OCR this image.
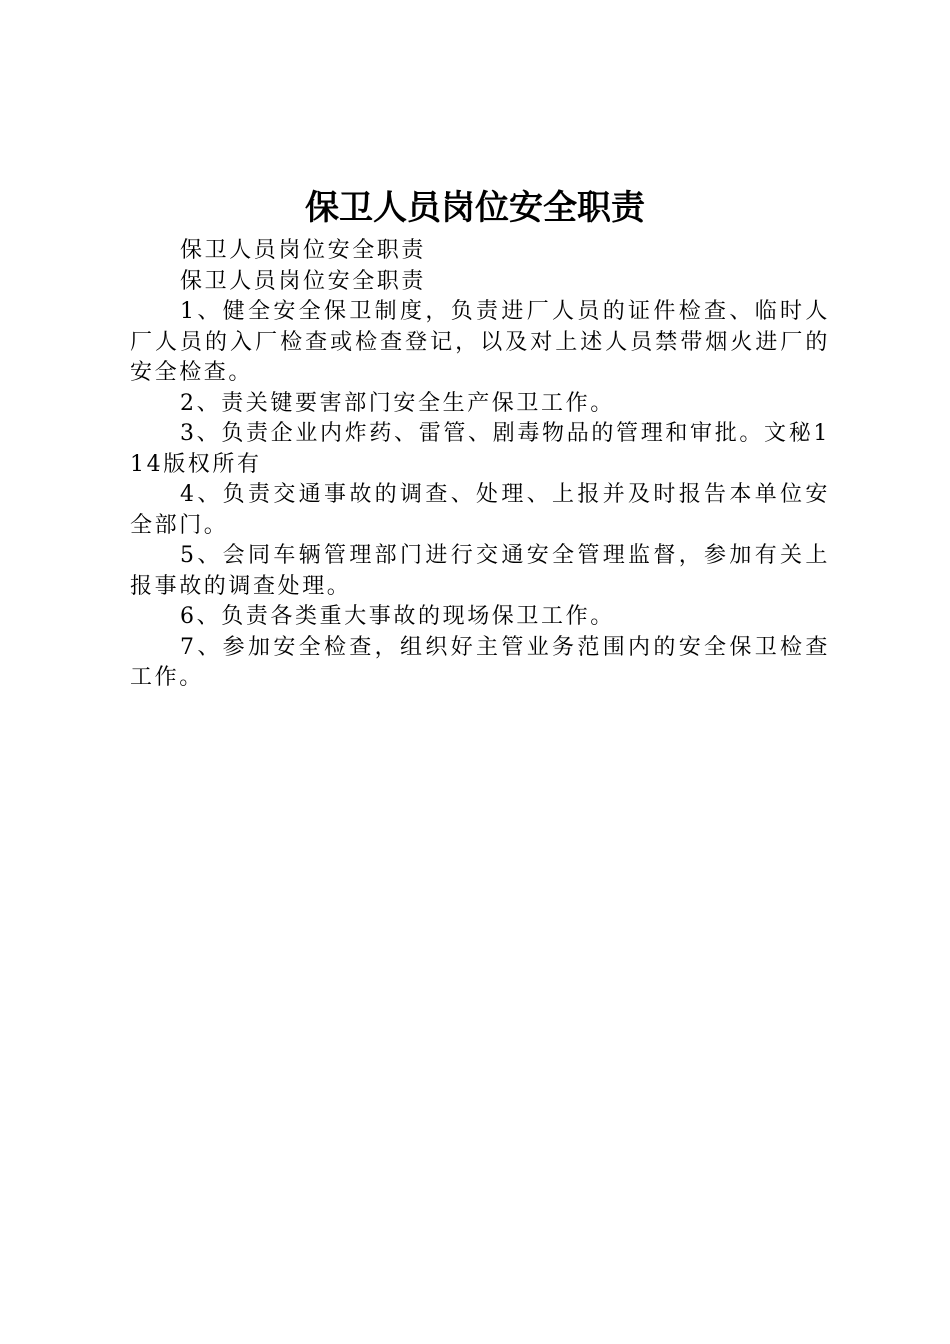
保卫人员岗位安全职责

保卫人员岗位安全职责

保卫人员岗位安全职责

1、健全安全保卫制度，负责进厂人员的证件检查、临时人厂人员的入厂检查或检查登记，以及对上述人员禁带烟火进厂的安全检查。

2、责关键要害部门安全生产保卫工作。

3、负责企业内炸药、雷管、剧毒物品的管理和审批。文秘114版权所有

4、负责交通事故的调查、处理、上报并及时报告本单位安全部门。

5、会同车辆管理部门进行交通安全管理监督，参加有关上报事故的调查处理。

6、负责各类重大事故的现场保卫工作。

7、参加安全检查，组织好主管业务范围内的安全保卫检查工作。
